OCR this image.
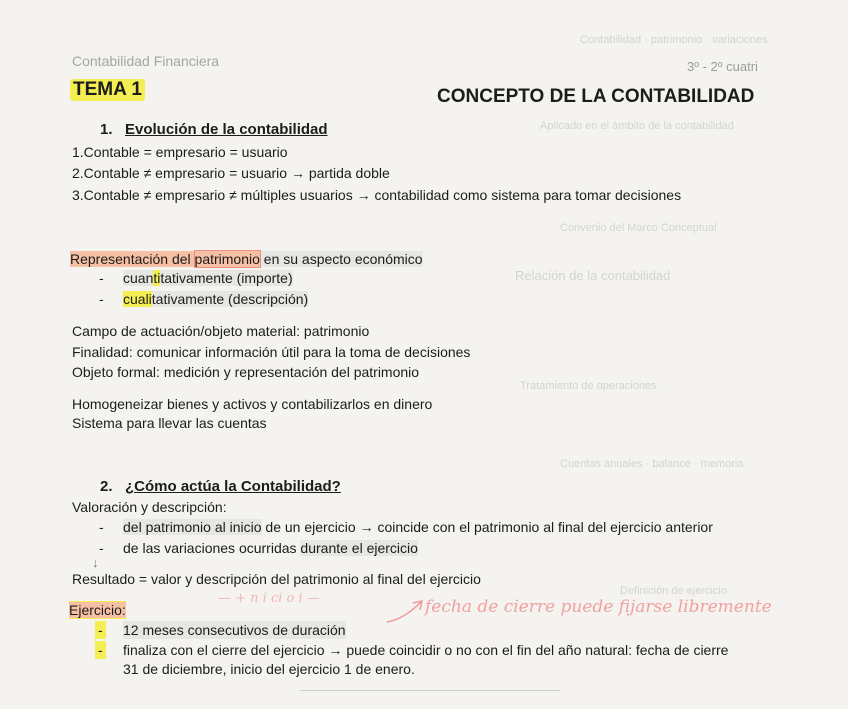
Contabilidad · patrimonio · variaciones
Aplicado en el ámbito de la contabilidad
Convenio del Marco Conceptual
Relación de la contabilidad
Tratamiento de operaciones
Cuentas anuales · balance · memoria
Definición de ejercicio
Contabilidad Financiera	3º - 2º cuatri
TEMA 1	CONCEPTO DE LA CONTABILIDAD
1. Evolución de la contabilidad
1.Contable = empresario = usuario
2.Contable ≠ empresario = usuario → partida doble
3.Contable ≠ empresario ≠ múltiples usuarios → contabilidad como sistema para tomar decisiones
Representación del patrimonio en su aspecto económico
- cuantitativamente (importe)
- cualitativamente (descripción)
Campo de actuación/objeto material: patrimonio
Finalidad: comunicar información útil para la toma de decisiones
Objeto formal: medición y representación del patrimonio
Homogeneizar bienes y activos y contabilizarlos en dinero
Sistema para llevar las cuentas
2. ¿Cómo actúa la Contabilidad?
Valoración y descripción:
- del patrimonio al inicio de un ejercicio → coincide con el patrimonio al final del ejercicio anterior
- de las variaciones ocurridas durante el ejercicio
↓
Resultado = valor y descripción del patrimonio al final del ejercicio
Ejercicio:
— + n i ci o i —	fecha de cierre puede fijarse libremente
- 12 meses consecutivos de duración
- finaliza con el cierre del ejercicio → puede coincidir o no con el fin del año natural: fecha de cierre
31 de diciembre, inicio del ejercicio 1 de enero.
